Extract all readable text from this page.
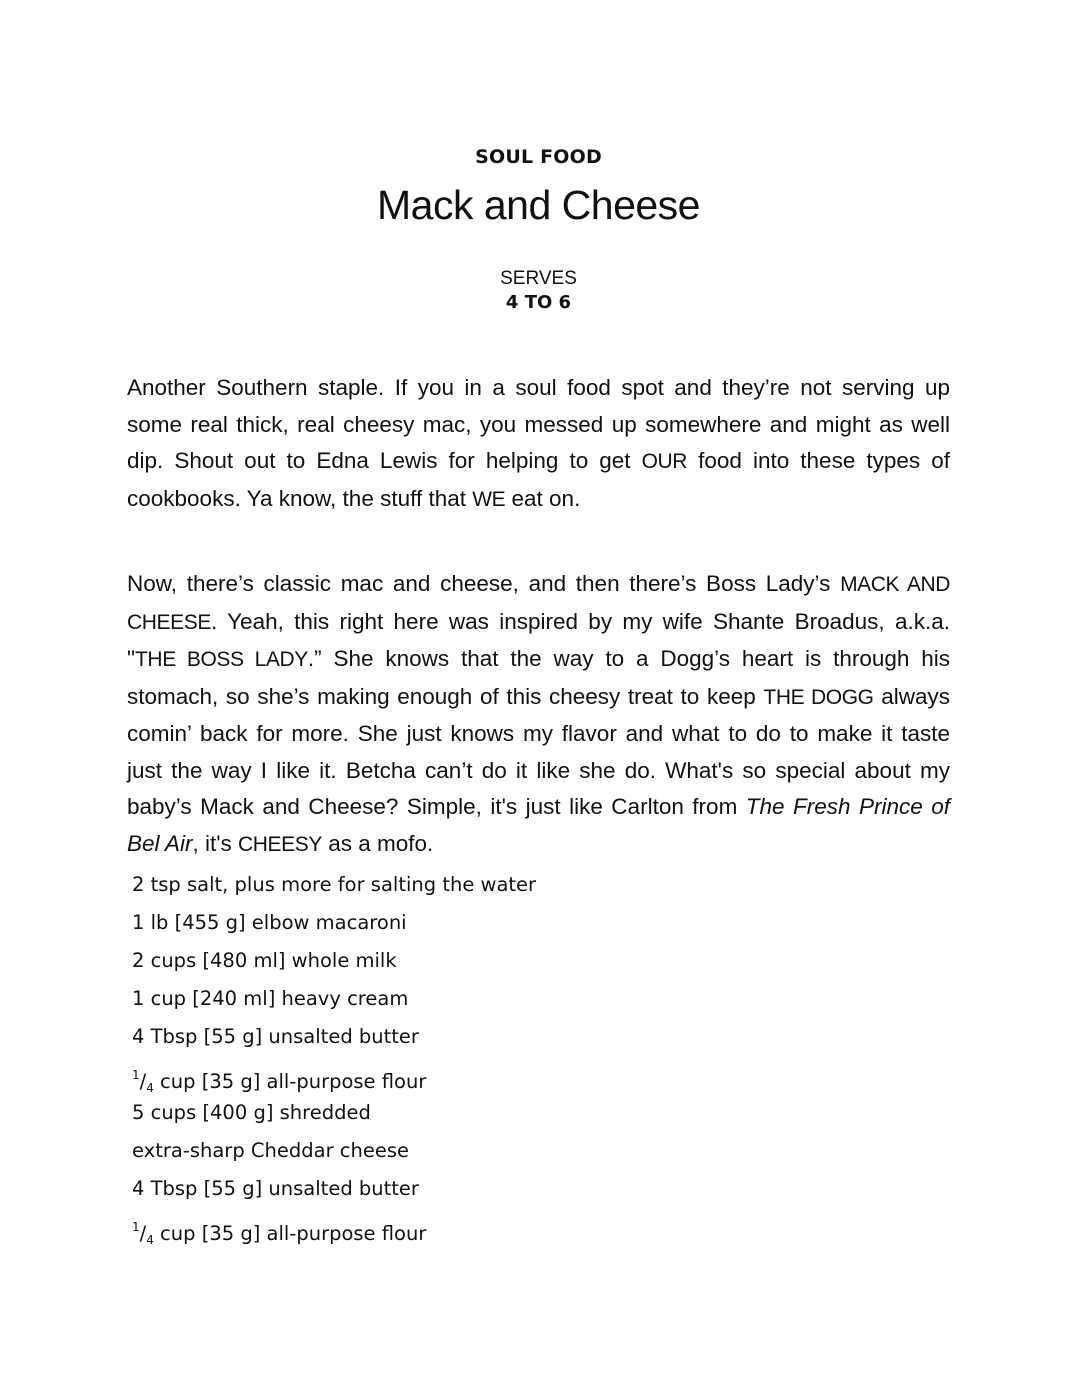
SOUL FOOD
Mack and Cheese
SERVES
4 TO 6

Another Southern staple. If you in a soul food spot and they’re not serving up some real thick, real cheesy mac, you messed up somewhere and might as well dip. Shout out to Edna Lewis for helping to get OUR food into these types of cookbooks. Ya know, the stuff that WE eat on.

Now, there’s classic mac and cheese, and then there’s Boss Lady’s MACK AND CHEESE. Yeah, this right here was inspired by my wife Shante Broadus, a.k.a. "THE BOSS LADY.” She knows that the way to a Dogg’s heart is through his stomach, so she’s making enough of this cheesy treat to keep THE DOGG always comin’ back for more. She just knows my flavor and what to do to make it taste just the way I like it. Betcha can’t do it like she do. What's so special about my baby’s Mack and Cheese? Simple, it's just like Carlton from The Fresh Prince of Bel Air, it's CHEESY as a mofo.

2 tsp salt, plus more for salting the water
1 lb [455 g] elbow macaroni
2 cups [480 ml] whole milk
1 cup [240 ml] heavy cream
4 Tbsp [55 g] unsalted butter
$^1/_4$ cup [35 g] all-purpose flour
5 cups [400 g] shredded
extra-sharp Cheddar cheese
4 Tbsp [55 g] unsalted butter
$^1/_4$ cup [35 g] all-purpose flour
